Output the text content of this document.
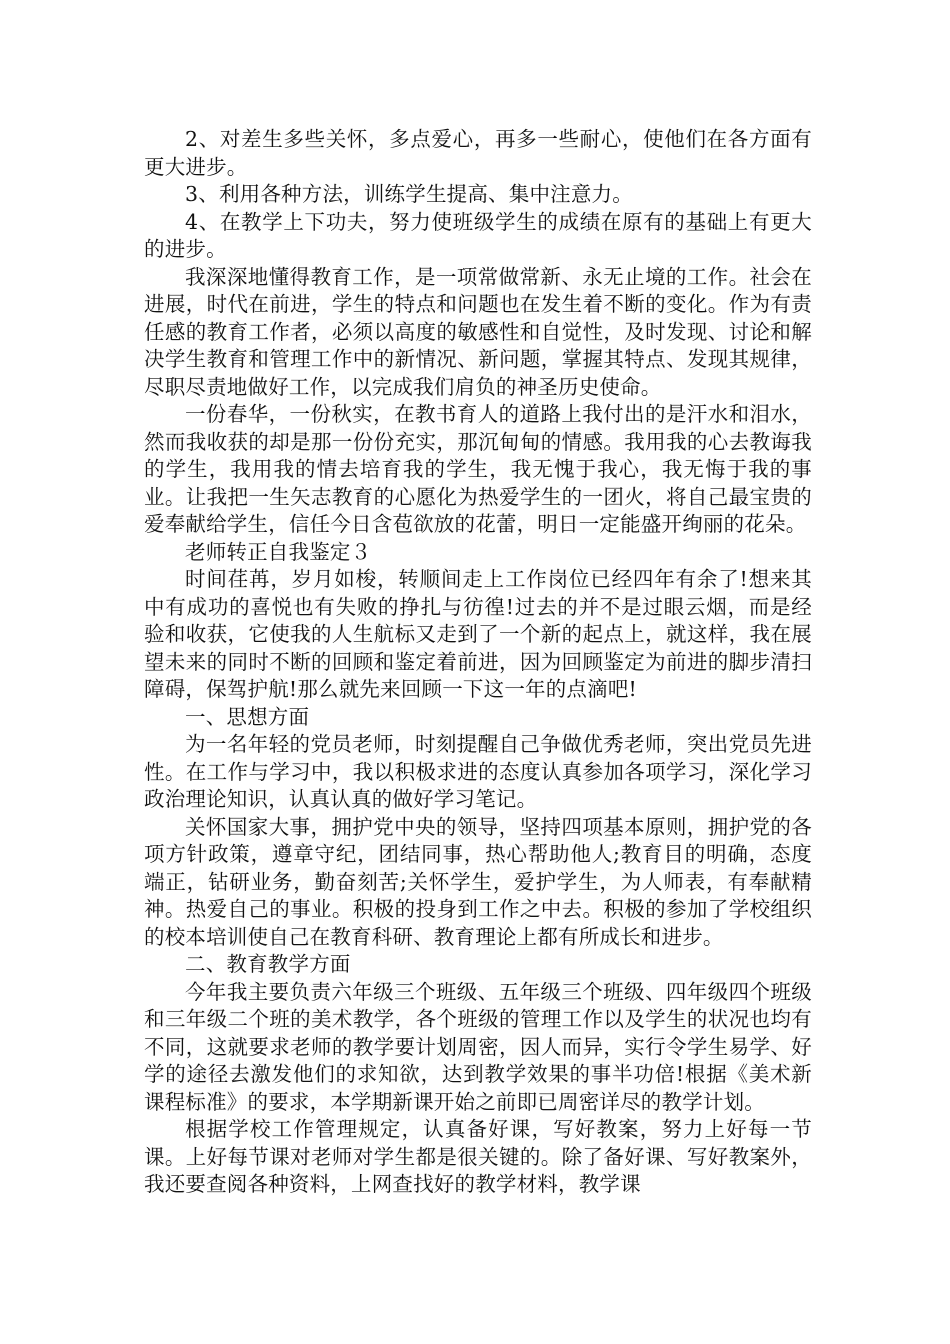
2、对差生多些关怀，多点爱心，再多一些耐心，使他们在各方面有更大进步。

3、利用各种方法，训练学生提高、集中注意力。

4、在教学上下功夫，努力使班级学生的成绩在原有的基础上有更大的进步。

我深深地懂得教育工作，是一项常做常新、永无止境的工作。社会在进展，时代在前进，学生的特点和问题也在发生着不断的变化。作为有责任感的教育工作者，必须以高度的敏感性和自觉性，及时发现、讨论和解决学生教育和管理工作中的新情况、新问题，掌握其特点、发现其规律，尽职尽责地做好工作，以完成我们肩负的神圣历史使命。

一份春华，一份秋实，在教书育人的道路上我付出的是汗水和泪水，然而我收获的却是那一份份充实，那沉甸甸的情感。我用我的心去教诲我的学生，我用我的情去培育我的学生，我无愧于我心，我无悔于我的事业。让我把一生矢志教育的心愿化为热爱学生的一团火，将自己最宝贵的爱奉献给学生，信任今日含苞欲放的花蕾，明日一定能盛开绚丽的花朵。

老师转正自我鉴定３

时间荏苒，岁月如梭，转顺间走上工作岗位已经四年有余了!想来其中有成功的喜悦也有失败的挣扎与彷徨!过去的并不是过眼云烟，而是经验和收获，它使我的人生航标又走到了一个新的起点上，就这样，我在展望未来的同时不断的回顾和鉴定着前进，因为回顾鉴定为前进的脚步清扫障碍，保驾护航!那么就先来回顾一下这一年的点滴吧!

一、思想方面

为一名年轻的党员老师，时刻提醒自己争做优秀老师，突出党员先进性。在工作与学习中，我以积极求进的态度认真参加各项学习，深化学习政治理论知识，认真认真的做好学习笔记。

关怀国家大事，拥护党中央的领导，坚持四项基本原则，拥护党的各项方针政策，遵章守纪，团结同事，热心帮助他人;教育目的明确，态度端正，钻研业务，勤奋刻苦;关怀学生，爱护学生，为人师表，有奉献精神。热爱自己的事业。积极的投身到工作之中去。积极的参加了学校组织的校本培训使自己在教育科研、教育理论上都有所成长和进步。

二、教育教学方面

今年我主要负责六年级三个班级、五年级三个班级、四年级四个班级和三年级二个班的美术教学，各个班级的管理工作以及学生的状况也均有不同，这就要求老师的教学要计划周密，因人而异，实行令学生易学、好学的途径去激发他们的求知欲，达到教学效果的事半功倍!根据《美术新课程标准》的要求，本学期新课开始之前即已周密详尽的教学计划。

根据学校工作管理规定，认真备好课，写好教案，努力上好每一节课。上好每节课对老师对学生都是很关键的。除了备好课、写好教案外，我还要查阅各种资料，上网查找好的教学材料，教学课
